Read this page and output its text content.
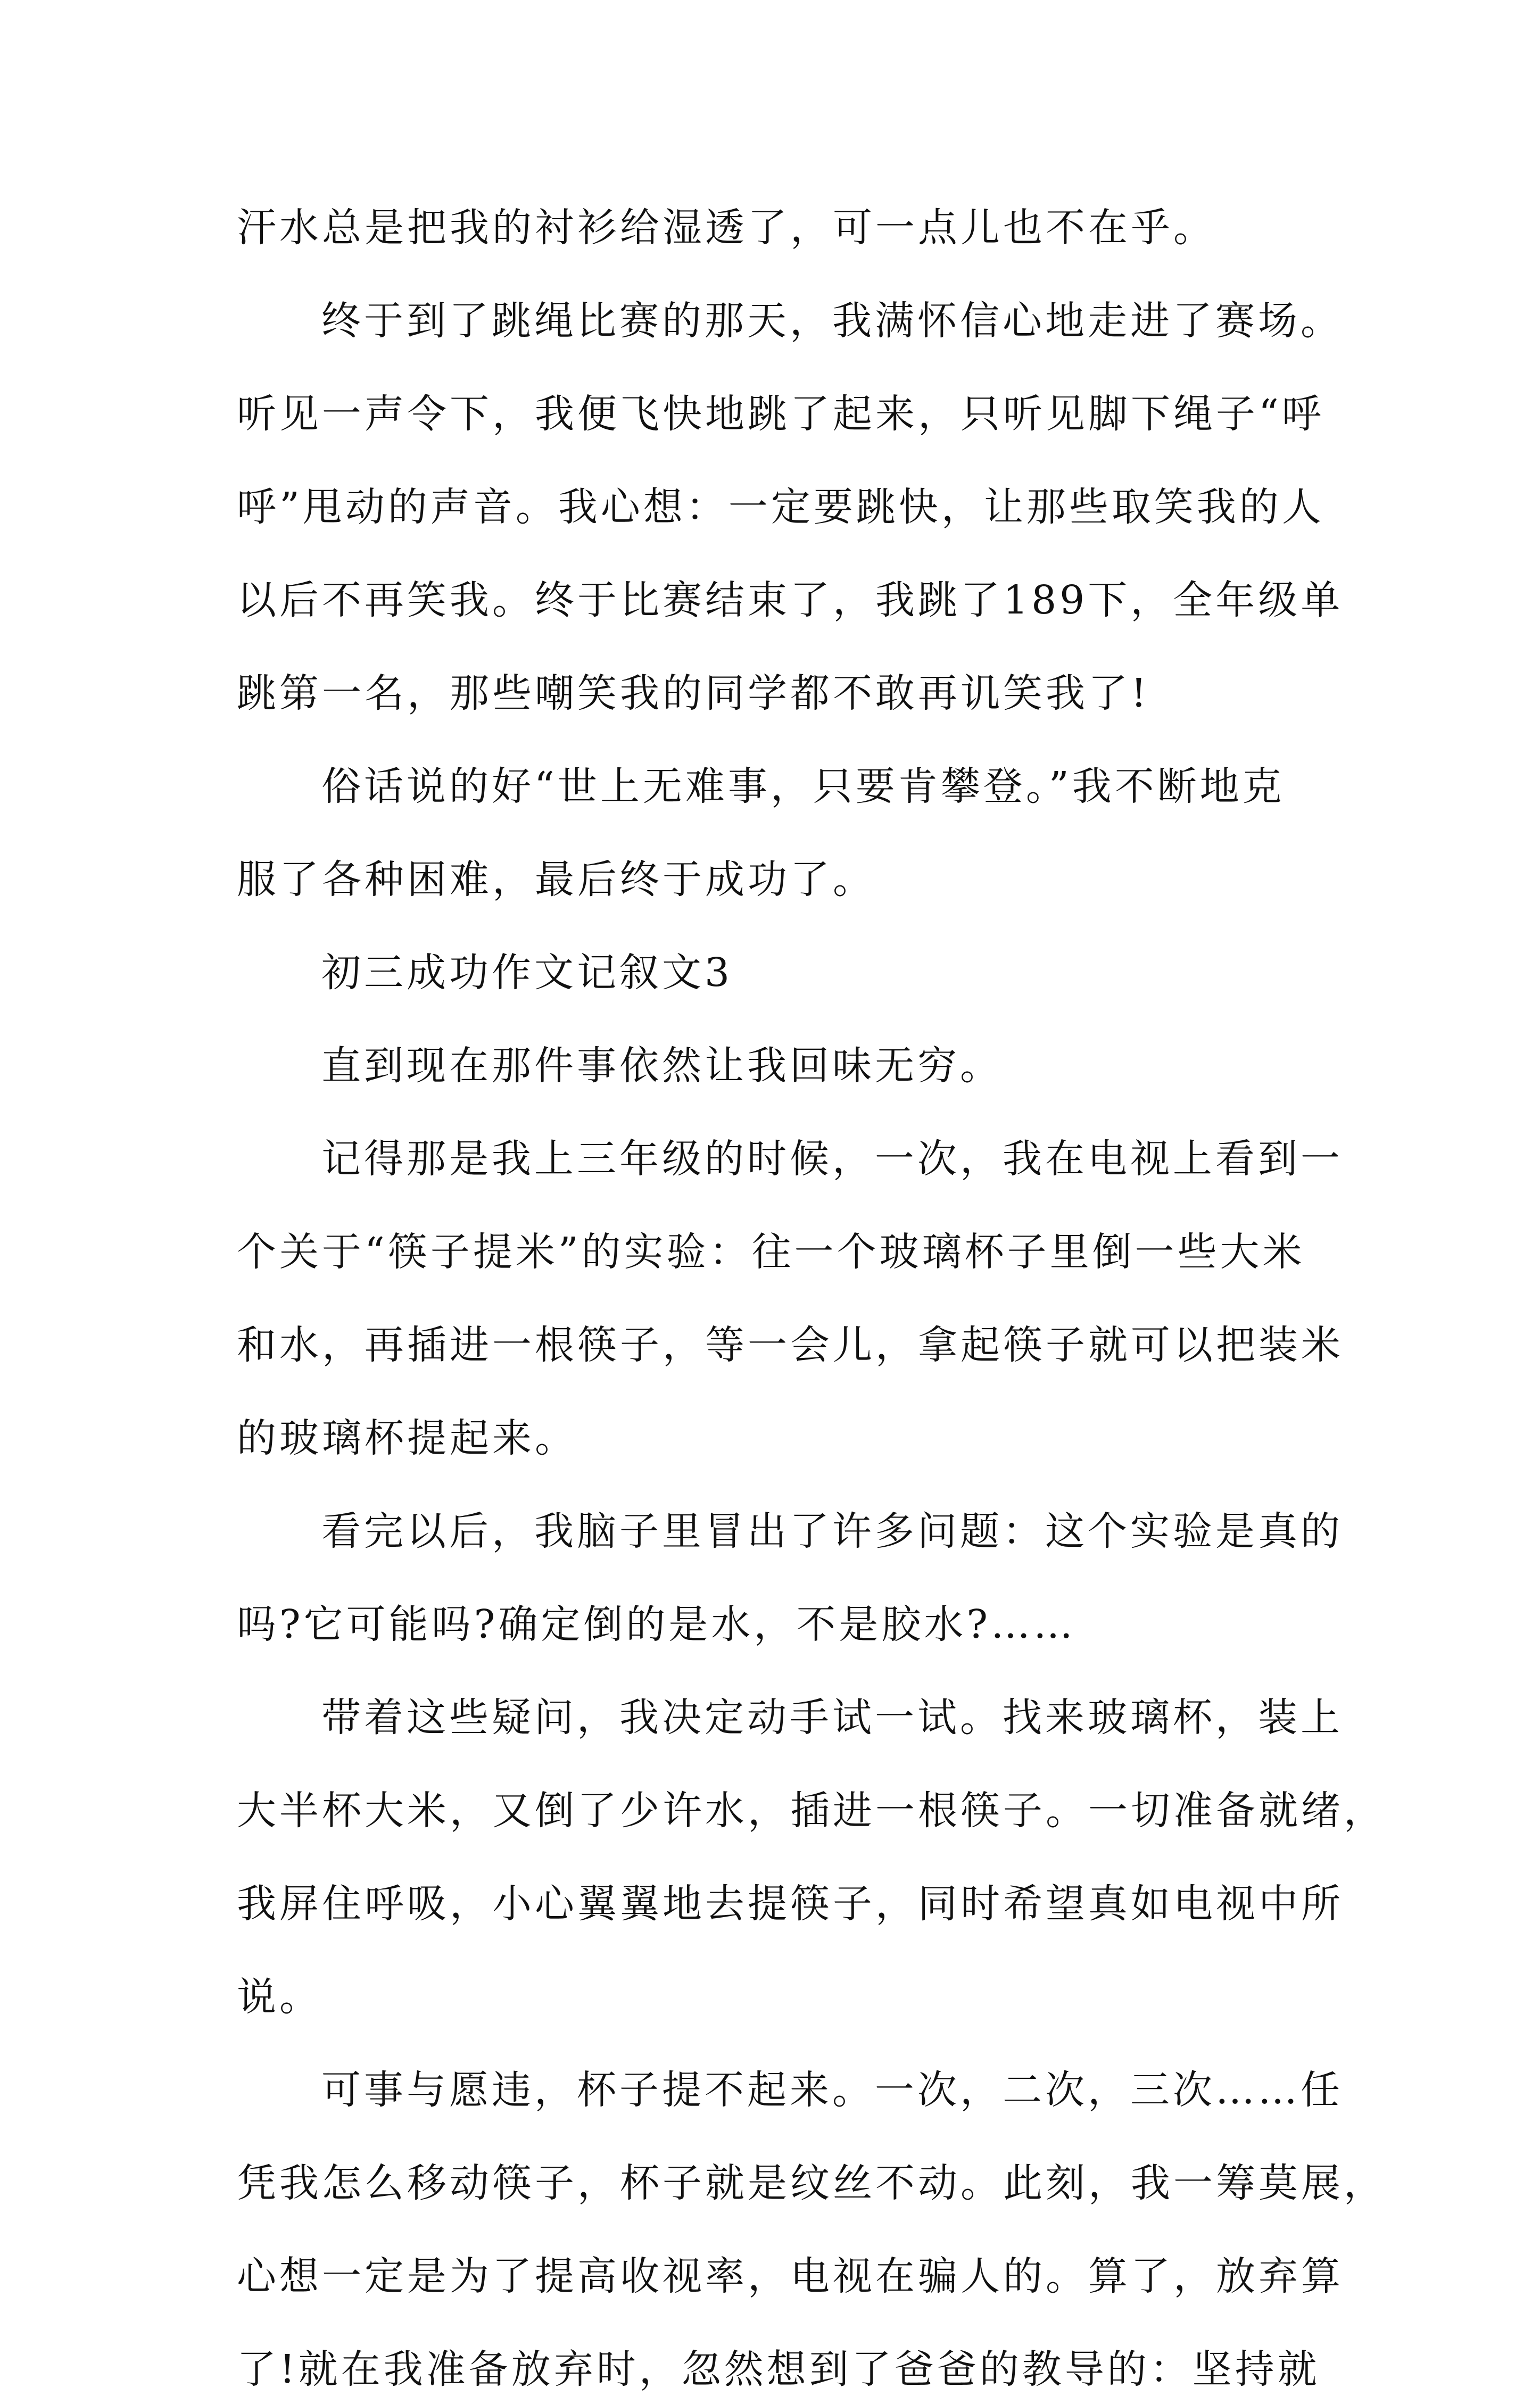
汗水总是把我的衬衫给湿透了，可一点儿也不在乎。
终于到了跳绳比赛的那天，我满怀信心地走进了赛场。
听见一声令下，我便飞快地跳了起来，只听见脚下绳子“呼
呼”甩动的声音。我心想：一定要跳快，让那些取笑我的人
以后不再笑我。终于比赛结束了，我跳了189下，全年级单
跳第一名，那些嘲笑我的同学都不敢再讥笑我了!
俗话说的好“世上无难事，只要肯攀登。”我不断地克
服了各种困难，最后终于成功了。
初三成功作文记叙文3
直到现在那件事依然让我回味无穷。
记得那是我上三年级的时候，一次，我在电视上看到一
个关于“筷子提米”的实验：往一个玻璃杯子里倒一些大米
和水，再插进一根筷子，等一会儿，拿起筷子就可以把装米
的玻璃杯提起来。
看完以后，我脑子里冒出了许多问题：这个实验是真的
吗?它可能吗?确定倒的是水，不是胶水?……
带着这些疑问，我决定动手试一试。找来玻璃杯，装上
大半杯大米，又倒了少许水，插进一根筷子。一切准备就绪，
我屏住呼吸，小心翼翼地去提筷子，同时希望真如电视中所
说。
可事与愿违，杯子提不起来。一次，二次，三次……任
凭我怎么移动筷子，杯子就是纹丝不动。此刻，我一筹莫展，
心想一定是为了提高收视率，电视在骗人的。算了，放弃算
了!就在我准备放弃时，忽然想到了爸爸的教导的：坚持就
